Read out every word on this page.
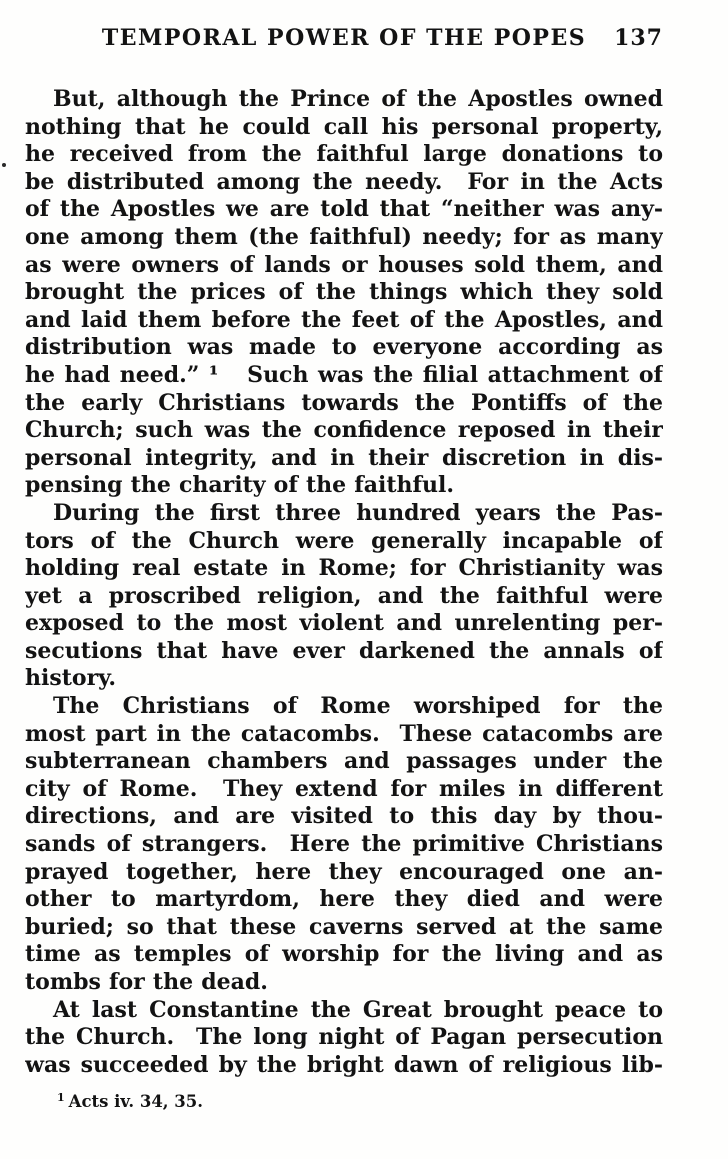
TEMPORAL POWER OF THE POPES	137
But, although the Prince of the Apostles owned
nothing that he could call his personal property,
he received from the faithful large donations to
be distributed among the needy.  For in the Acts
of the Apostles we are told that “neither was any-
one among them (the faithful) needy; for as many
as were owners of lands or houses sold them, and
brought the prices of the things which they sold
and laid them before the feet of the Apostles, and
distribution was made to everyone according as
he had need.” ¹   Such was the filial attachment of
the early Christians towards the Pontiffs of the
Church; such was the confidence reposed in their
personal integrity, and in their discretion in dis-
pensing the charity of the faithful.
During the first three hundred years the Pas-
tors of the Church were generally incapable of
holding real estate in Rome; for Christianity was
yet a proscribed religion, and the faithful were
exposed to the most violent and unrelenting per-
secutions that have ever darkened the annals of
history.
The Christians of Rome worshiped for the
most part in the catacombs.  These catacombs are
subterranean chambers and passages under the
city of Rome.  They extend for miles in different
directions, and are visited to this day by thou-
sands of strangers.  Here the primitive Christians
prayed together, here they encouraged one an-
other to martyrdom, here they died and were
buried; so that these caverns served at the same
time as temples of worship for the living and as
tombs for the dead.
At last Constantine the Great brought peace to
the Church.  The long night of Pagan persecution
was succeeded by the bright dawn of religious lib-
$^1$ Acts iv. 34, 35.
